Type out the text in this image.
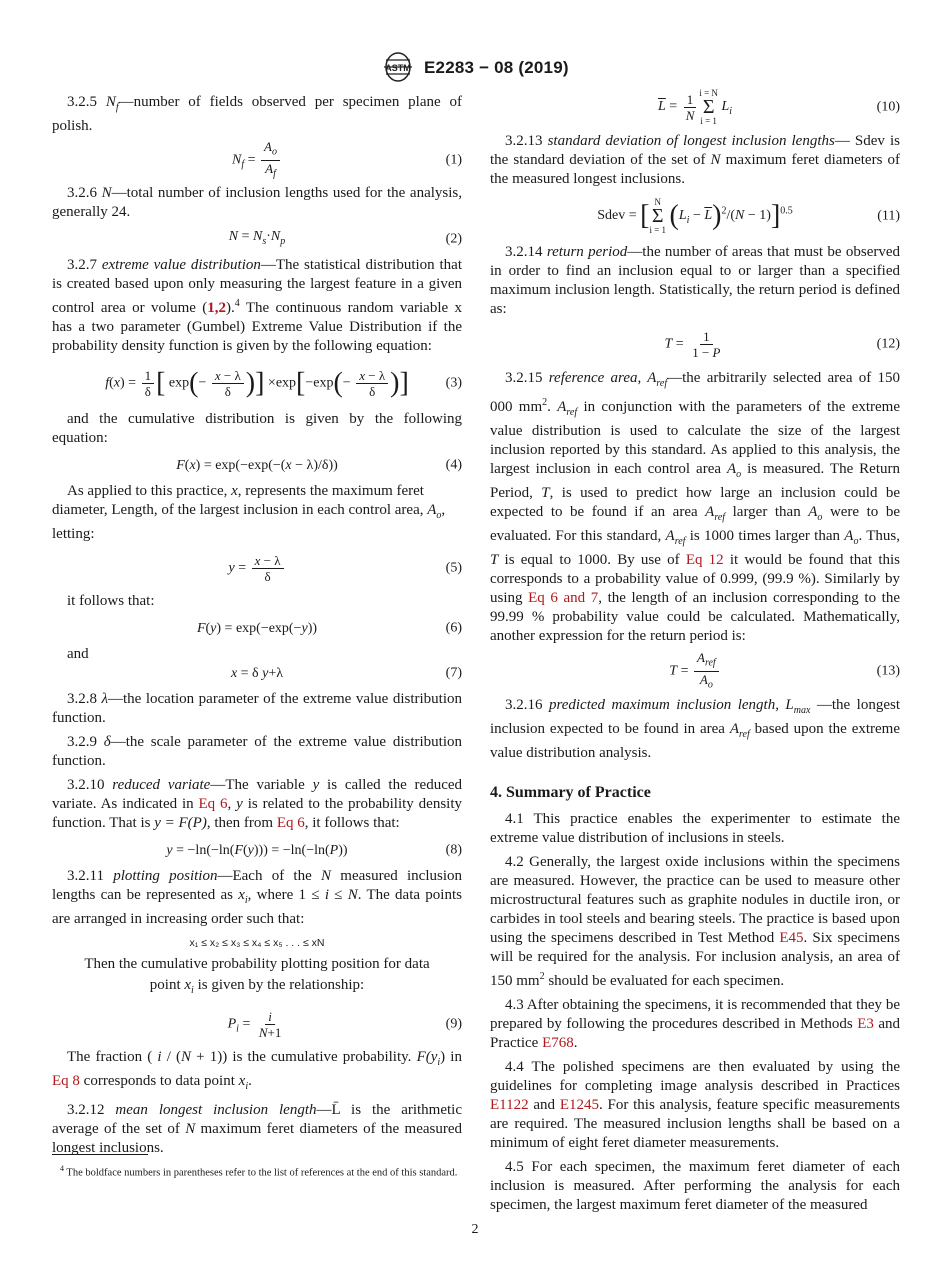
ASTM E2283 − 08 (2019)

3.2.5 $N_f—number$ of fields observed per specimen plane of polish.

$N_f = \frac{A_o}{A_f}$	(1)

3.2.6 N—total number of inclusion lengths used for the analysis, generally 24.

$N = N_s\cdot N_p$	(2)

3.2.7 extreme value distribution—The statistical distribution that is created based upon only measuring the largest feature in a given control area or volume (1,2).$^4$ The continuous random variable x has a two parameter (Gumbel) Extreme Value Distribution if the probability density function is given by the following equation:

$f(x) = \frac{1}{\delta}$ [ $\exp(- \frac{x - \lambda}{\delta}$ )] $\times\exp[-\exp(- \frac{x - \lambda}{\delta}$ )]	(3)

and the cumulative distribution is given by the following equation:

F(x) = exp(−exp(−(x − λ)/δ))	(4)

As applied to this practice, x, represents the maximum feret diameter, Length, of the largest inclusion in each control area, $A_o$, letting:

$y = \frac{x - \lambda}{\delta}$	(5)

it follows that:

F(y) = exp(−exp(−y))	(6)

and

x = δ y+λ	(7)

3.2.8 λ—the location parameter of the extreme value distribution function.

3.2.9 δ—the scale parameter of the extreme value distribution function.

3.2.10 reduced variate—The variable y is called the reduced variate. As indicated in Eq 6, y is related to the probability density function. That is y = F(P), then from Eq 6, it follows that:

y = −ln(−ln(F(y))) = −ln(−ln(P))	(8)

3.2.11 plotting position—Each of the N measured inclusion lengths can be represented as $x_i$, where 1 ≤ i ≤ N. The data points are arranged in increasing order such that:

x₁ ≤ x₂ ≤ x₃ ≤ x₄ ≤ x₅ . . . ≤ xN

Then the cumulative probability plotting position for data

point $x_i$ is given by the relationship:

$P_i = \frac{i}{N+1}$	(9)

The fraction ( i / (N + 1)) is the cumulative probability. $F(y_i)$ in Eq 8 corresponds to data point $x_i$.

3.2.12 mean longest inclusion length—L̄ is the arithmetic average of the set of N maximum feret diameters of the measured longest inclusions.

$\overline{L} = \frac{1}{N}$ i = N
Σ
i = 1
$L_i$	(10)

3.2.13 standard deviation of longest inclusion lengths— Sdev is the standard deviation of the set of N maximum feret diameters of the measured longest inclusions.

Sdev = [ N
Σ
i = 1 $(L_i - \overline{L})^2/(N - 1)]^{0.5}$	(11)

3.2.14 return period—the number of areas that must be observed in order to find an inclusion equal to or larger than a specified maximum inclusion length. Statistically, the return period is defined as:

$T = \frac{1}{1 - P}$	(12)

3.2.15 reference area, $A_{ref}—the$ arbitrarily selected area of 150 000 $mm^2$. $A_{ref}$ in conjunction with the parameters of the extreme value distribution is used to calculate the size of the largest inclusion reported by this standard. As applied to this analysis, the largest inclusion in each control area $A_o$ is measured. The Return Period, T, is used to predict how large an inclusion could be expected to be found if an area $A_{ref}$ larger than $A_o$ were to be evaluated. For this standard, $A_{ref}$ is 1000 times larger than $A_o$. Thus, T is equal to 1000. By use of Eq 12 it would be found that this corresponds to a probability value of 0.999, (99.9 %). Similarly by using Eq 6 and 7, the length of an inclusion corresponding to the 99.99 % probability value could be calculated. Mathematically, another expression for the return period is:

$T = \frac{A_{ref}}{A_o}$	(13)

3.2.16 predicted maximum inclusion length, $L_{max}$ —the longest inclusion expected to be found in area $A_{ref}$ based upon the extreme value distribution analysis.

4. Summary of Practice

4.1 This practice enables the experimenter to estimate the extreme value distribution of inclusions in steels.

4.2 Generally, the largest oxide inclusions within the specimens are measured. However, the practice can be used to measure other microstructural features such as graphite nodules in ductile iron, or carbides in tool steels and bearing steels. The practice is based upon using the specimens described in Test Method E45. Six specimens will be required for the analysis. For inclusion analysis, an area of 150 $mm^2$ should be evaluated for each specimen.

4.3 After obtaining the specimens, it is recommended that they be prepared by following the procedures described in Methods E3 and Practice E768.

4.4 The polished specimens are then evaluated by using the guidelines for completing image analysis described in Practices E1122 and E1245. For this analysis, feature specific measurements are required. The measured inclusion lengths shall be based on a minimum of eight feret diameter measurements.

4.5 For each specimen, the maximum feret diameter of each inclusion is measured. After performing the analysis for each specimen, the largest maximum feret diameter of the measured

$^4$ The boldface numbers in parentheses refer to the list of references at the end of this standard.
2
